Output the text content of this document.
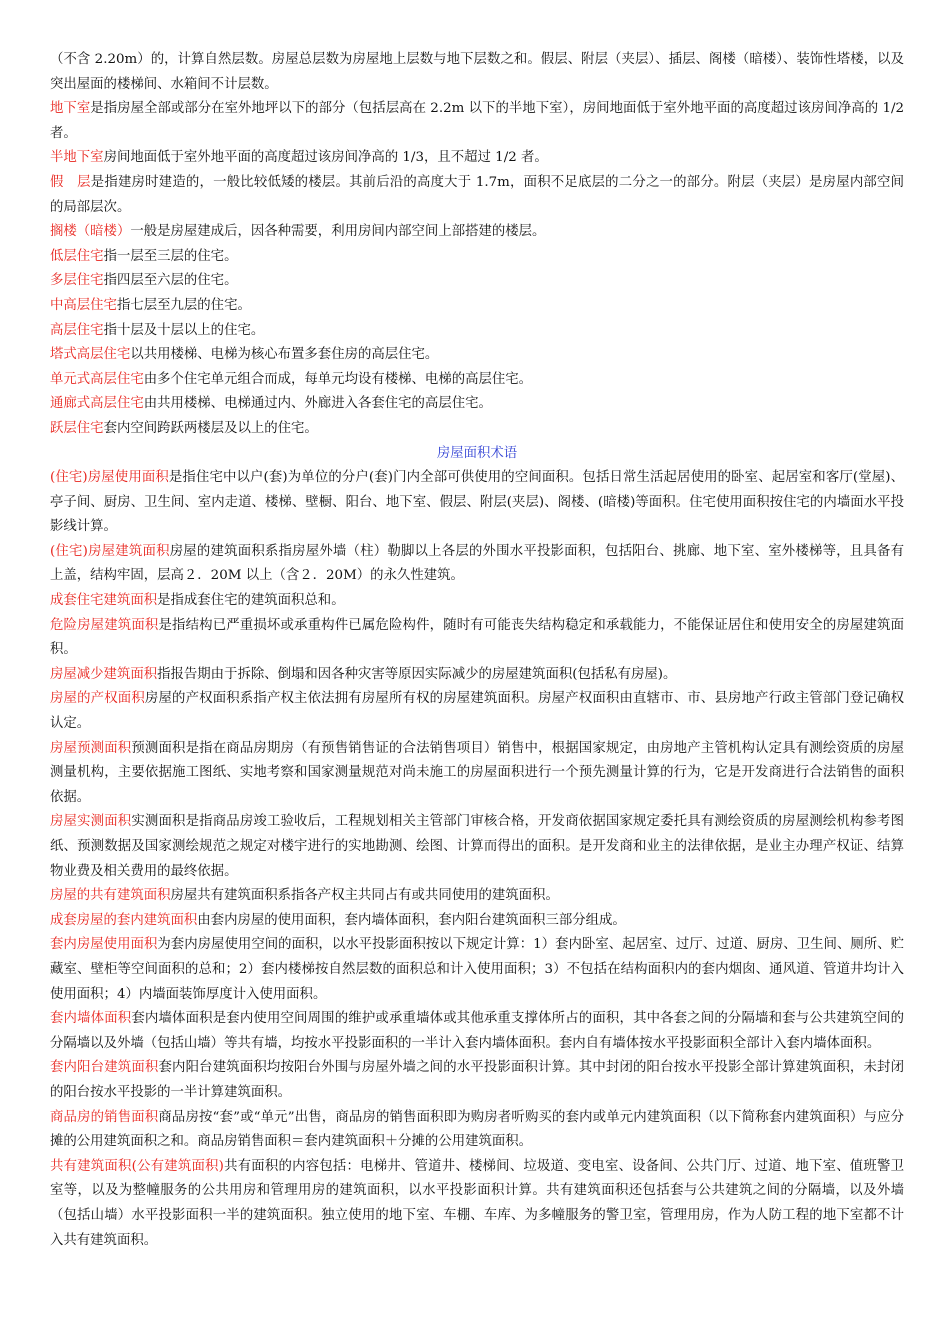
（不含 2.20m）的，计算自然层数。房屋总层数为房屋地上层数与地下层数之和。假层、附层（夹层）、插层、阁楼（暗楼）、装饰性塔楼，以及突出屋面的楼梯间、水箱间不计层数。

地下室是指房屋全部或部分在室外地坪以下的部分（包括层高在 2.2m 以下的半地下室），房间地面低于室外地平面的高度超过该房间净高的 1/2 者。

半地下室房间地面低于室外地平面的高度超过该房间净高的 1/3，且不超过 1/2 者。

假　层是指建房时建造的，一般比较低矮的楼层。其前后沿的高度大于 1.7m，面积不足底层的二分之一的部分。附层（夹层）是房屋内部空间的局部层次。

搁楼（暗楼）一般是房屋建成后，因各种需要，利用房间内部空间上部搭建的楼层。

低层住宅指一层至三层的住宅。

多层住宅指四层至六层的住宅。

中高层住宅指七层至九层的住宅。

高层住宅指十层及十层以上的住宅。

塔式高层住宅以共用楼梯、电梯为核心布置多套住房的高层住宅。

单元式高层住宅由多个住宅单元组合而成，每单元均设有楼梯、电梯的高层住宅。

通廊式高层住宅由共用楼梯、电梯通过内、外廊进入各套住宅的高层住宅。

跃层住宅套内空间跨跃两楼层及以上的住宅。

房屋面积术语

(住宅)房屋使用面积是指住宅中以户(套)为单位的分户(套)门内全部可供使用的空间面积。包括日常生活起居使用的卧室、起居室和客厅(堂屋)、亭子间、厨房、卫生间、室内走道、楼梯、壁橱、阳台、地下室、假层、附层(夹层)、阁楼、(暗楼)等面积。住宅使用面积按住宅的内墙面水平投影线计算。

(住宅)房屋建筑面积房屋的建筑面积系指房屋外墙（柱）勒脚以上各层的外围水平投影面积，包括阳台、挑廊、地下室、室外楼梯等，且具备有上盖，结构牢固，层高２．20M 以上（含２．20M）的永久性建筑。

成套住宅建筑面积是指成套住宅的建筑面积总和。

危险房屋建筑面积是指结构已严重损坏或承重构件已属危险构件，随时有可能丧失结构稳定和承载能力，不能保证居住和使用安全的房屋建筑面积。

房屋减少建筑面积指报告期由于拆除、倒塌和因各种灾害等原因实际减少的房屋建筑面积(包括私有房屋)。

房屋的产权面积房屋的产权面积系指产权主依法拥有房屋所有权的房屋建筑面积。房屋产权面积由直辖市、市、县房地产行政主管部门登记确权认定。

房屋预测面积预测面积是指在商品房期房（有预售销售证的合法销售项目）销售中，根据国家规定，由房地产主管机构认定具有测绘资质的房屋测量机构，主要依据施工图纸、实地考察和国家测量规范对尚未施工的房屋面积进行一个预先测量计算的行为，它是开发商进行合法销售的面积依据。

房屋实测面积实测面积是指商品房竣工验收后，工程规划相关主管部门审核合格，开发商依据国家规定委托具有测绘资质的房屋测绘机构参考图纸、预测数据及国家测绘规范之规定对楼宇进行的实地勘测、绘图、计算而得出的面积。是开发商和业主的法律依据，是业主办理产权证、结算物业费及相关费用的最终依据。

房屋的共有建筑面积房屋共有建筑面积系指各产权主共同占有或共同使用的建筑面积。

成套房屋的套内建筑面积由套内房屋的使用面积，套内墙体面积，套内阳台建筑面积三部分组成。

套内房屋使用面积为套内房屋使用空间的面积，以水平投影面积按以下规定计算：1）套内卧室、起居室、过厅、过道、厨房、卫生间、厕所、贮藏室、壁柜等空间面积的总和；2）套内楼梯按自然层数的面积总和计入使用面积；3）不包括在结构面积内的套内烟囱、通风道、管道井均计入使用面积；4）内墙面装饰厚度计入使用面积。

套内墙体面积套内墙体面积是套内使用空间周围的维护或承重墙体或其他承重支撑体所占的面积，其中各套之间的分隔墙和套与公共建筑空间的分隔墙以及外墙（包括山墙）等共有墙，均按水平投影面积的一半计入套内墙体面积。套内自有墙体按水平投影面积全部计入套内墙体面积。

套内阳台建筑面积套内阳台建筑面积均按阳台外围与房屋外墙之间的水平投影面积计算。其中封闭的阳台按水平投影全部计算建筑面积，未封闭的阳台按水平投影的一半计算建筑面积。

商品房的销售面积商品房按“套”或“单元”出售，商品房的销售面积即为购房者听购买的套内或单元内建筑面积（以下简称套内建筑面积）与应分摊的公用建筑面积之和。商品房销售面积＝套内建筑面积＋分摊的公用建筑面积。

共有建筑面积(公有建筑面积)共有面积的内容包括：电梯井、管道井、楼梯间、垃圾道、变电室、设备间、公共门厅、过道、地下室、值班警卫室等，以及为整幢服务的公共用房和管理用房的建筑面积，以水平投影面积计算。共有建筑面积还包括套与公共建筑之间的分隔墙，以及外墙（包括山墙）水平投影面积一半的建筑面积。独立使用的地下室、车棚、车库、为多幢服务的警卫室，管理用房，作为人防工程的地下室都不计入共有建筑面积。
